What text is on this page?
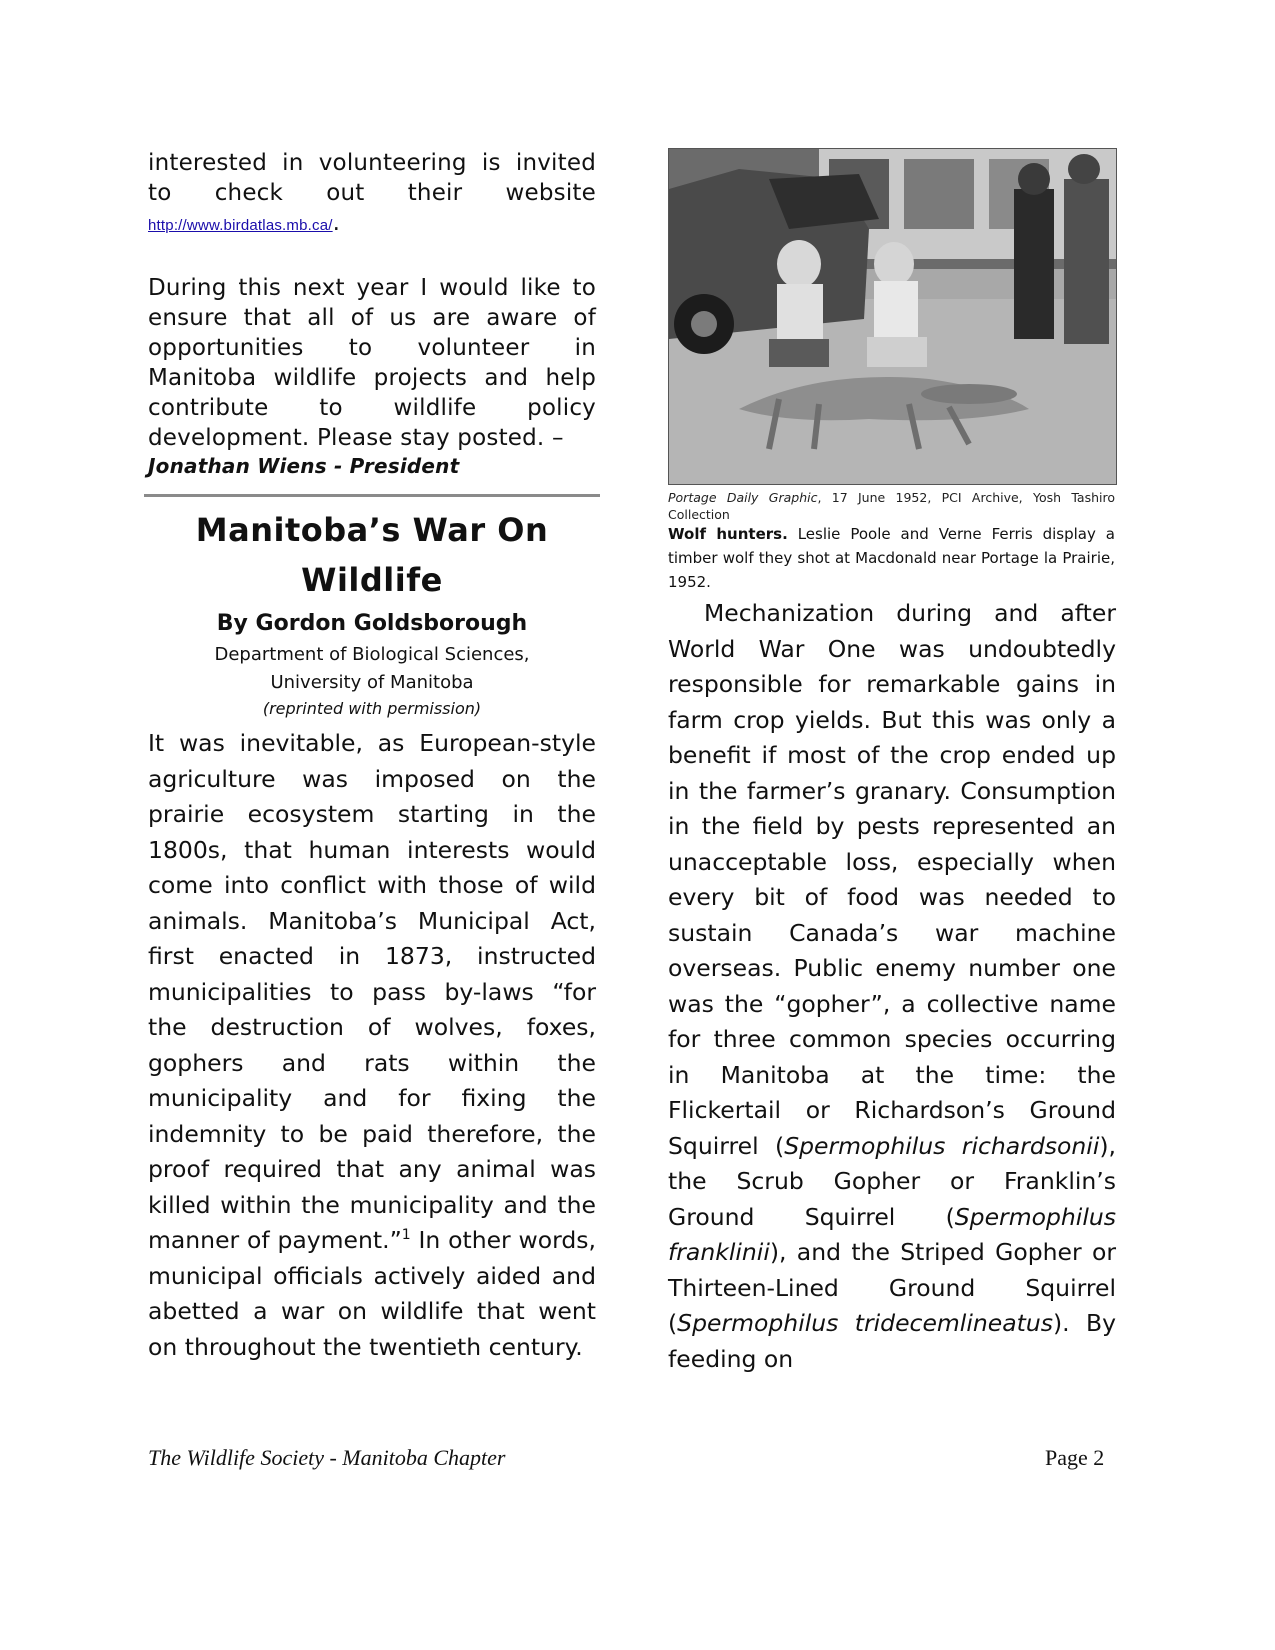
interested in volunteering is invited to check out their website http://www.birdatlas.mb.ca/.

During this next year I would like to ensure that all of us are aware of opportunities to volunteer in Manitoba wildlife projects and help contribute to wildlife policy development. Please stay posted. –

Jonathan Wiens - President

Manitoba’s War On

Wildlife

By Gordon Goldsborough

Department of Biological Sciences,

University of Manitoba

(reprinted with permission)

It was inevitable, as European-style agriculture was imposed on the prairie ecosystem starting in the 1800s, that human interests would come into conflict with those of wild animals. Manitoba’s Municipal Act, first enacted in 1873, instructed municipalities to pass by-laws “for the destruction of wolves, foxes, gophers and rats within the municipality and for fixing the indemnity to be paid therefore, the proof required that any animal was killed within the municipality and the manner of payment.”$^1$ In other words, municipal officials actively aided and abetted a war on wildlife that went on throughout the twentieth century.

Portage Daily Graphic, 17 June 1952, PCI Archive, Yosh Tashiro Collection

Wolf hunters. Leslie Poole and Verne Ferris display a timber wolf they shot at Macdonald near Portage la Prairie, 1952.

Mechanization during and after World War One was undoubtedly responsible for remarkable gains in farm crop yields. But this was only a benefit if most of the crop ended up in the farmer’s granary. Consumption in the field by pests represented an unacceptable loss, especially when every bit of food was needed to sustain Canada’s war machine overseas. Public enemy number one was the “gopher”, a collective name for three common species occurring in Manitoba at the time: the Flickertail or Richardson’s Ground Squirrel (Spermophilus richardsonii), the Scrub Gopher or Franklin’s Ground Squirrel (Spermophilus franklinii), and the Striped Gopher or Thirteen-Lined Ground Squirrel (Spermophilus tridecemlineatus). By feeding on

The Wildlife Society - Manitoba Chapter	Page 2
